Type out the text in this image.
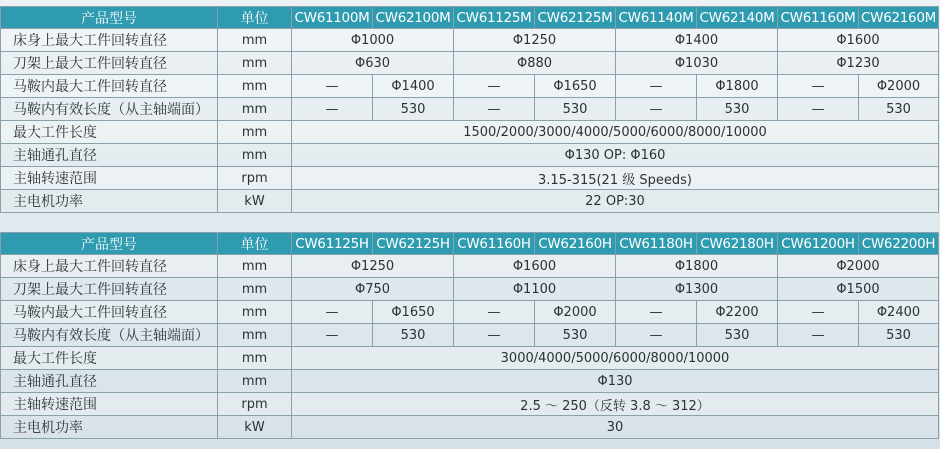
产品型号	单位	CW61100M	CW62100M	CW61125M	CW62125M	CW61140M	CW62140M	CW61160M	CW62160M
床身上最大工件回转直径	mm	Φ1000		Φ1250		Φ1400		Φ1600	
刀架上最大工件回转直径	mm	Φ630		Φ880		Φ1030		Φ1230	
马鞍内最大工件回转直径	mm	—	Φ1400	—	Φ1650	—	Φ1800	—	Φ2000
马鞍内有效长度（从主轴端面）	mm	—	530	—	530	—	530	—	530
最大工件长度	mm	1500/2000/3000/4000/5000/6000/8000/10000							
主轴通孔直径	mm	Φ130 OP: Φ160							
主轴转速范围	rpm	3.15-315(21 级 Speeds)							
主电机功率	kW	22 OP:30							
产品型号	单位	CW61125H	CW62125H	CW61160H	CW62160H	CW61180H	CW62180H	CW61200H	CW62200H
床身上最大工件回转直径	mm	Φ1250		Φ1600		Φ1800		Φ2000	
刀架上最大工件回转直径	mm	Φ750		Φ1100		Φ1300		Φ1500	
马鞍内最大工件回转直径	mm	—	Φ1650	—	Φ2000	—	Φ2200	—	Φ2400
马鞍内有效长度（从主轴端面）	mm	—	530	—	530	—	530	—	530
最大工件长度	mm	3000/4000/5000/6000/8000/10000							
主轴通孔直径	mm	Φ130							
主轴转速范围	rpm	2.5 ～ 250（反转 3.8 ～ 312）							
主电机功率	kW	30							
